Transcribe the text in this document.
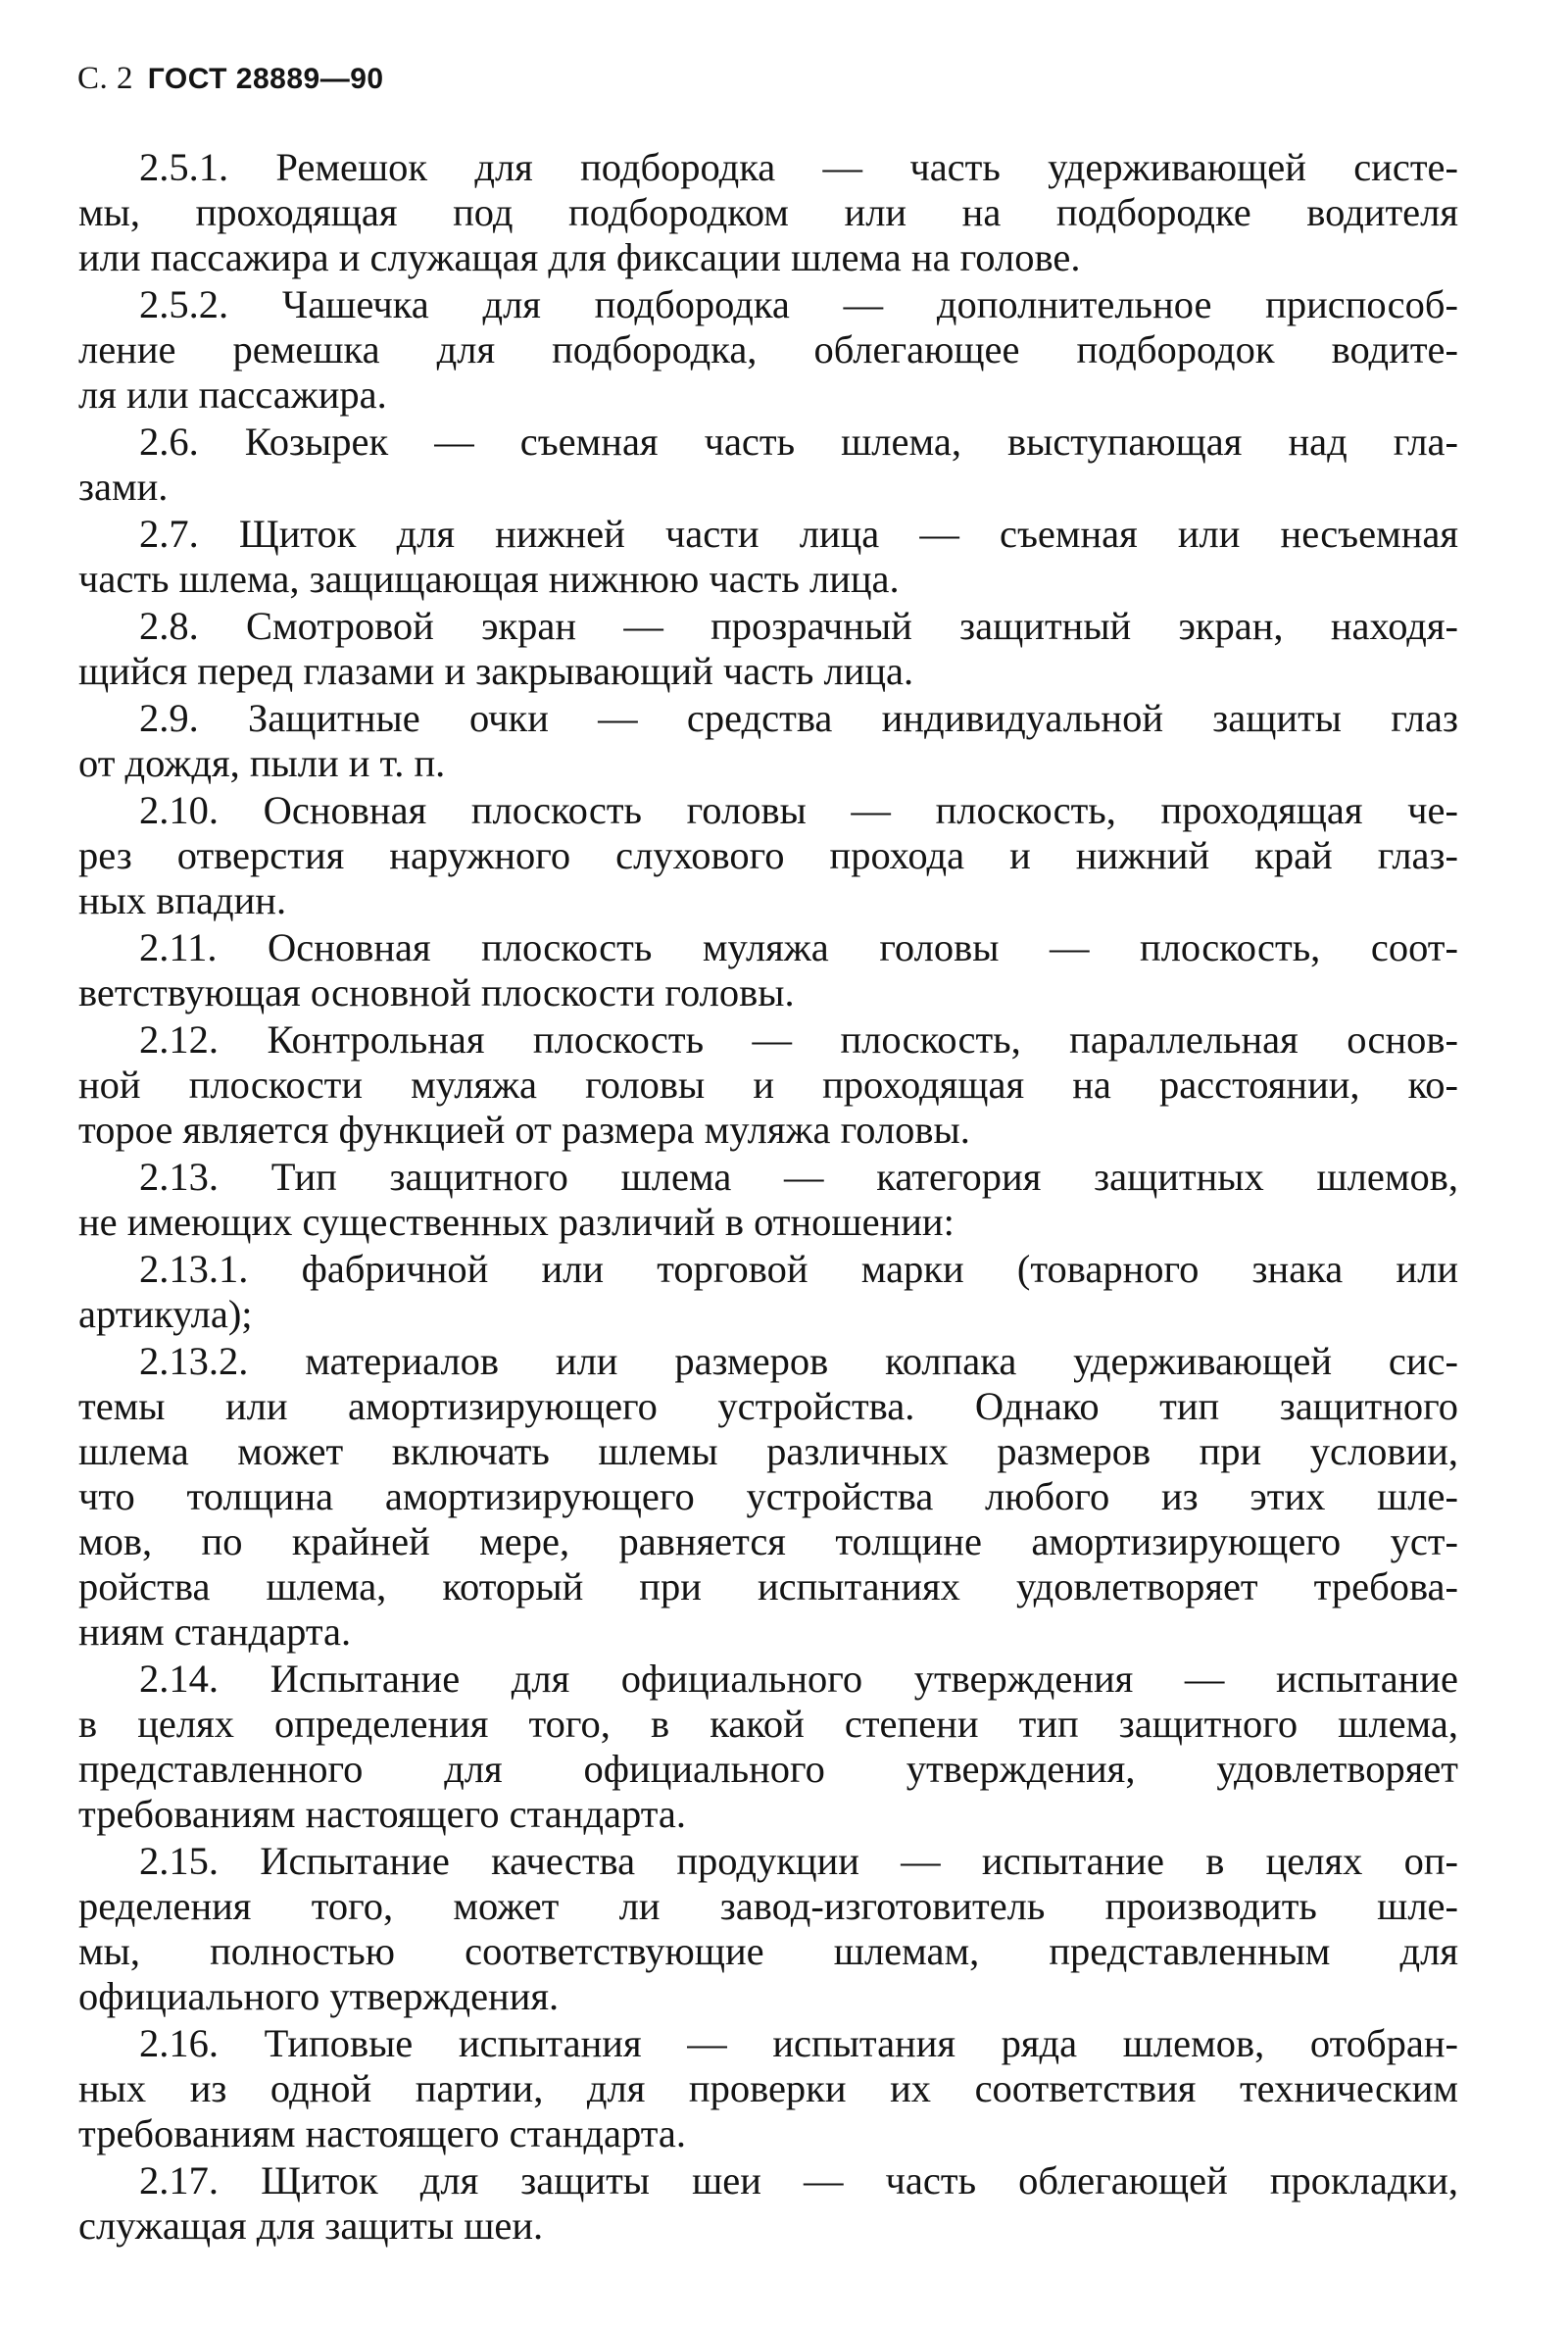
С. 2 ГОСТ 28889—90
2.5.1. Ремешок для подбородка — часть удерживающей систе-
мы, проходящая под подбородком или на подбородке водителя
или пассажира и служащая для фиксации шлема на голове.
2.5.2. Чашечка для подбородка — дополнительное приспособ-
ление ремешка для подбородка, облегающее подбородок водите-
ля или пассажира.
2.6. Козырек — съемная часть шлема, выступающая над гла-
зами.
2.7. Щиток для нижней части лица — съемная или несъемная
часть шлема, защищающая нижнюю часть лица.
2.8. Смотровой экран — прозрачный защитный экран, находя-
щийся перед глазами и закрывающий часть лица.
2.9. Защитные очки — средства индивидуальной защиты глаз
от дождя, пыли и т. п.
2.10. Основная плоскость головы — плоскость, проходящая че-
рез отверстия наружного слухового прохода и нижний край глаз-
ных впадин.
2.11. Основная плоскость муляжа головы — плоскость, соот-
ветствующая основной плоскости головы.
2.12. Контрольная плоскость — плоскость, параллельная основ-
ной плоскости муляжа головы и проходящая на расстоянии, ко-
торое является функцией от размера муляжа головы.
2.13. Тип защитного шлема — категория защитных шлемов,
не имеющих существенных различий в отношении:
2.13.1. фабричной или торговой марки (товарного знака или
артикула);
2.13.2. материалов или размеров колпака удерживающей сис-
темы или амортизирующего устройства. Однако тип защитного
шлема может включать шлемы различных размеров при условии,
что толщина амортизирующего устройства любого из этих шле-
мов, по крайней мере, равняется толщине амортизирующего уст-
ройства шлема, который при испытаниях удовлетворяет требова-
ниям стандарта.
2.14. Испытание для официального утверждения — испытание
в целях определения того, в какой степени тип защитного шлема,
представленного для официального утверждения, удовлетворяет
требованиям настоящего стандарта.
2.15. Испытание качества продукции — испытание в целях оп-
ределения того, может ли завод-изготовитель производить шле-
мы, полностью соответствующие шлемам, представленным для
официального утверждения.
2.16. Типовые испытания — испытания ряда шлемов, отобран-
ных из одной партии, для проверки их соответствия техническим
требованиям настоящего стандарта.
2.17. Щиток для защиты шеи — часть облегающей прокладки,
служащая для защиты шеи.
